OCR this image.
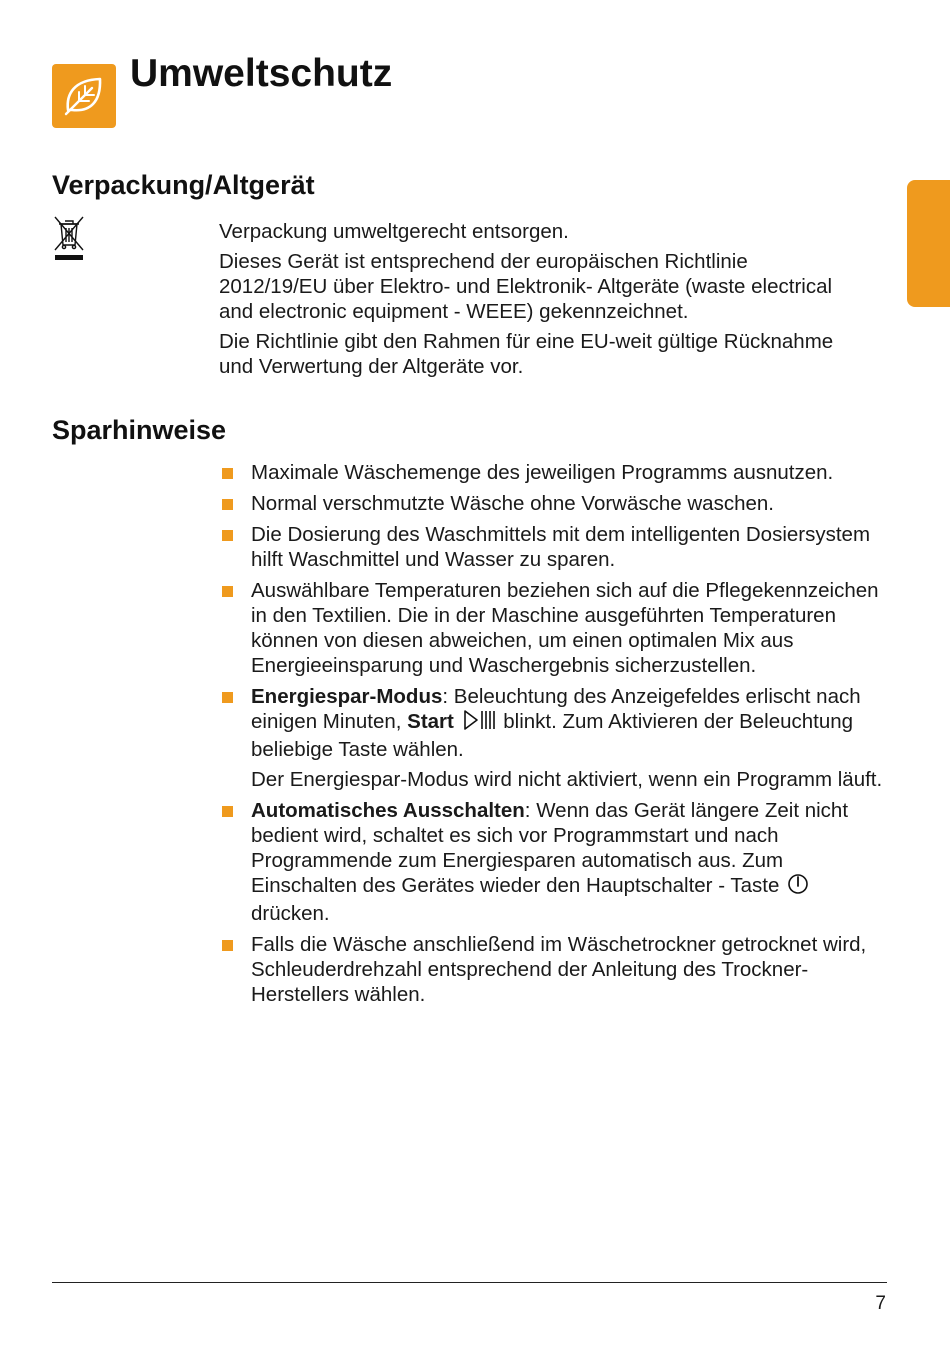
Umweltschutz
Verpackung/Altgerät

Verpackung umweltgerecht entsorgen.

Dieses Gerät ist entsprechend der europäischen Richtlinie 2012/19/EU über Elektro- und Elektronik- Altgeräte (waste electrical and electronic equipment - WEEE) gekennzeichnet.

Die Richtlinie gibt den Rahmen für eine EU-weit gültige Rücknahme und Verwertung der Altgeräte vor.

Sparhinweise
Maximale Wäschemenge des jeweiligen Programms ausnutzen.
Normal verschmutzte Wäsche ohne Vorwäsche waschen.
Die Dosierung des Waschmittels mit dem intelligenten Dosiersystem hilft Waschmittel und Wasser zu sparen.
Auswählbare Temperaturen beziehen sich auf die Pflegekennzeichen in den Textilien. Die in der Maschine ausgeführten Temperaturen können von diesen abweichen, um einen optimalen Mix aus Energieeinsparung und Waschergebnis sicherzustellen.
Energiespar-Modus: Beleuchtung des Anzeigefeldes erlischt nach einigen Minuten, Start  blinkt. Zum Aktivieren der Beleuchtung beliebige Taste wählen.
Der Energiespar-Modus wird nicht aktiviert, wenn ein Programm läuft.
Automatisches Ausschalten: Wenn das Gerät längere Zeit nicht bedient wird, schaltet es sich vor Programmstart und nach Programmende zum Energiesparen automatisch aus. Zum Einschalten des Gerätes wieder den Hauptschalter - Taste  drücken.
Falls die Wäsche anschließend im Wäschetrockner getrocknet wird, Schleuderdrehzahl entsprechend der Anleitung des Trockner-Herstellers wählen.
7
